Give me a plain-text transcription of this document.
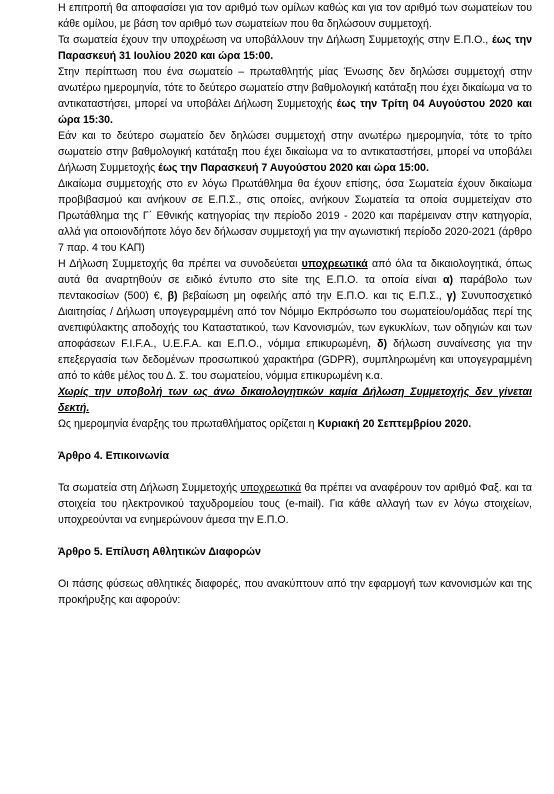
Η επιτροπή θα αποφασίσει για τον αριθμό των ομίλων καθώς και για τον αριθμό των σωματείων του κάθε ομίλου, με βάση τον αριθμό των σωματείων που θα δηλώσουν συμμετοχή.

Τα σωματεία έχουν την υποχρέωση να υποβάλλουν την Δήλωση Συμμετοχής στην Ε.Π.Ο., έως την Παρασκευή 31 Ιουλίου 2020 και ώρα 15:00.

Στην περίπτωση που ένα σωματείο – πρωταθλητής μίας Ένωσης δεν δηλώσει συμμετοχή στην ανωτέρω ημερομηνία, τότε το δεύτερο σωματείο στην βαθμολογική κατάταξη που έχει δικαίωμα να το αντικαταστήσει, μπορεί να υποβάλει Δήλωση Συμμετοχής έως την Τρίτη 04 Αυγούστου 2020 και ώρα 15:30.

Εάν και το δεύτερο σωματείο δεν δηλώσει συμμετοχή στην ανωτέρω ημερομηνία, τότε το τρίτο σωματείο στην βαθμολογική κατάταξη που έχει δικαίωμα να το αντικαταστήσει, μπορεί να υποβάλει Δήλωση Συμμετοχής έως την Παρασκευή 7 Αυγούστου 2020 και ώρα 15:00.

Δικαίωμα συμμετοχής στο εν λόγω Πρωτάθλημα θα έχουν επίσης, όσα Σωματεία έχουν δικαίωμα προβιβασμού και ανήκουν σε Ε.Π.Σ., στις οποίες, ανήκουν Σωματεία τα οποία συμμετείχαν στο Πρωτάθλημα της Γ΄ Εθνικής κατηγορίας την περίοδο 2019 - 2020 και παρέμειναν στην κατηγορία, αλλά για οποιονδήποτε λόγο δεν δήλωσαν συμμετοχή για την αγωνιστική περίοδο 2020-2021 (άρθρο 7 παρ. 4 του ΚΑΠ)

Η Δήλωση Συμμετοχής θα πρέπει να συνοδεύεται υποχρεωτικά από όλα τα δικαιολογητικά, όπως αυτά θα αναρτηθούν σε ειδικό έντυπο στο site της Ε.Π.Ο. τα οποία είναι α) παράβολο των πεντακοσίων (500) €, β) βεβαίωση μη οφειλής από την Ε.Π.Ο. και τις Ε.Π.Σ., γ) Συνυποσχετικό Διαιτησίας / Δήλωση υπογεγραμμένη από τον Νόμιμο Εκπρόσωπο του σωματείου/ομάδας περί της ανεπιφύλακτης αποδοχής του Καταστατικού, των Κανονισμών, των εγκυκλίων, των οδηγιών και των αποφάσεων F.I.F.A., U.E.F.A. και Ε.Π.Ο., νόμιμα επικυρωμένη, δ) δήλωση συναίνεσης για την επεξεργασία των δεδομένων προσωπικού χαρακτήρα (GDPR), συμπληρωμένη και υπογεγραμμένη από το κάθε μέλος του Δ. Σ. του σωματείου, νόμιμα επικυρωμένη κ.α.

Χωρίς την υποβολή των ως άνω δικαιολογητικών καμία Δήλωση Συμμετοχής δεν γίνεται δεκτή.

Ως ημερομηνία έναρξης του πρωταθλήματος ορίζεται η Κυριακή 20 Σεπτεμβρίου 2020.

Άρθρο 4. Επικοινωνία

Τα σωματεία στη Δήλωση Συμμετοχής υποχρεωτικά θα πρέπει να αναφέρουν τον αριθμό Φαξ. και τα στοιχεία του ηλεκτρονικού ταχυδρομείου τους (e-mail). Για κάθε αλλαγή των εν λόγω στοιχείων, υποχρεούνται να ενημερώνουν άμεσα την Ε.Π.Ο.

Άρθρο 5. Επίλυση Αθλητικών Διαφορών

Οι πάσης φύσεως αθλητικές διαφορές, που ανακύπτουν από την εφαρμογή των κανονισμών και της προκήρυξης και αφορούν:
